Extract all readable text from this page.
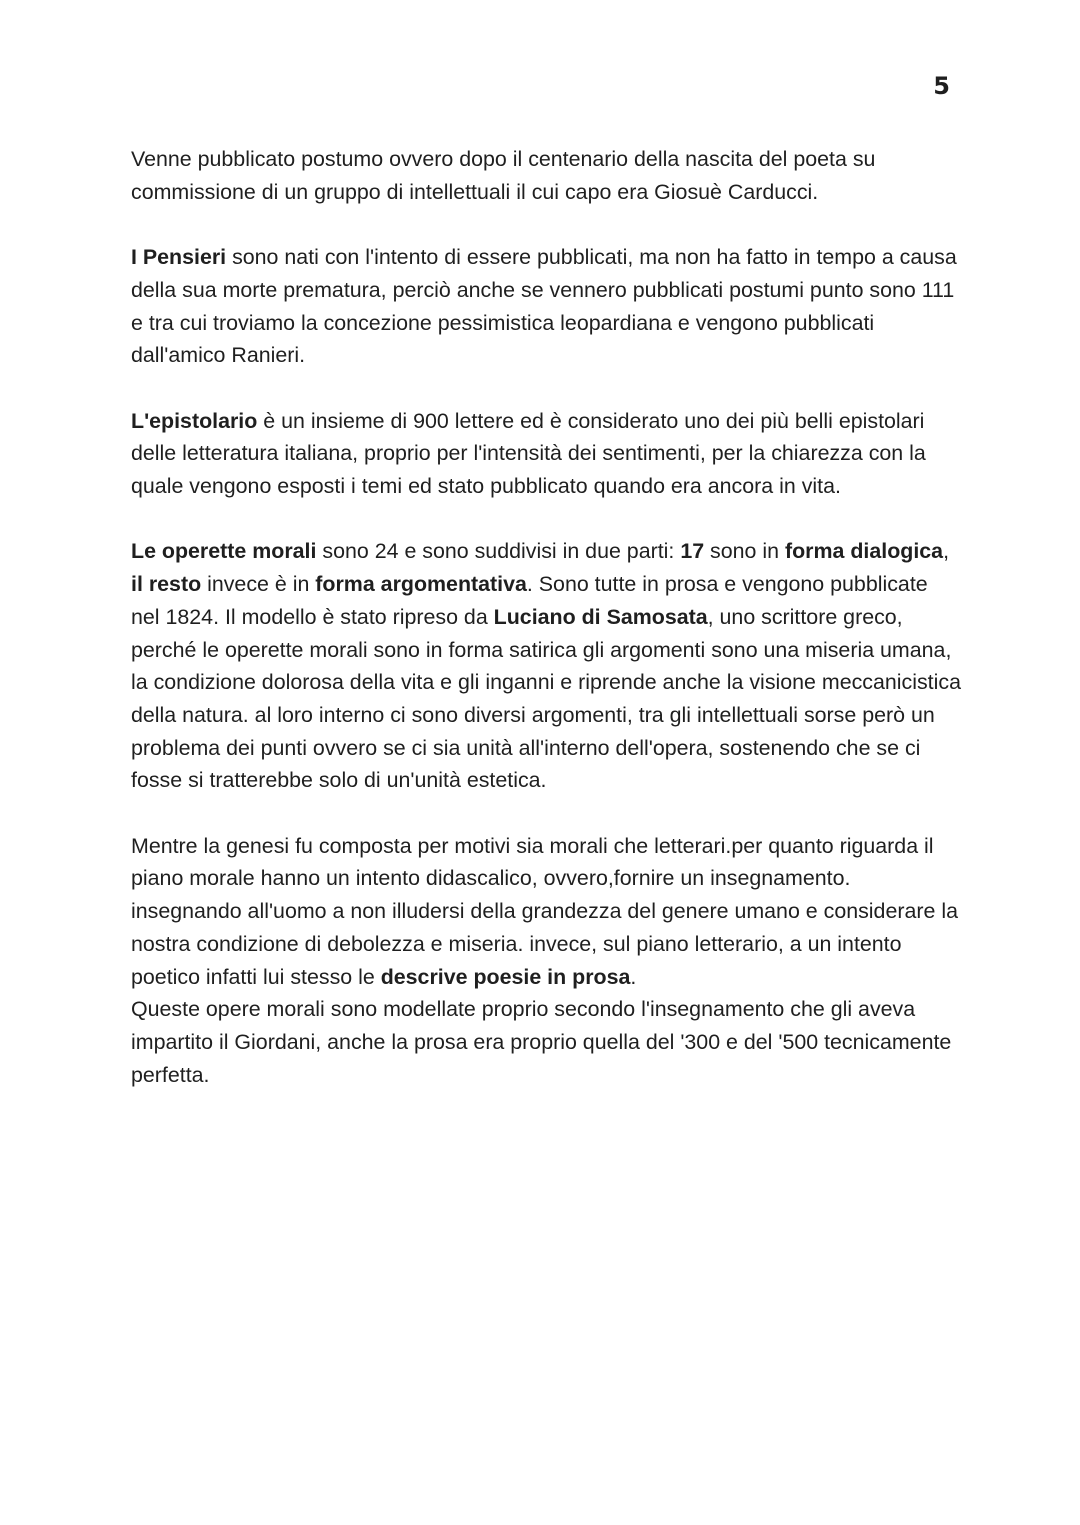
5

Venne pubblicato postumo ovvero dopo il centenario della nascita del poeta su commissione di un gruppo di intellettuali il cui capo era Giosuè Carducci.

I Pensieri sono nati con l'intento di essere pubblicati, ma non ha fatto in tempo a causa della sua morte prematura, perciò anche se vennero pubblicati postumi punto sono 111 e tra cui troviamo la concezione pessimistica leopardiana e vengono pubblicati dall'amico Ranieri.

L'epistolario è un insieme di 900 lettere ed è considerato uno dei più belli epistolari delle letteratura italiana, proprio per l'intensità dei sentimenti, per la chiarezza con la quale vengono esposti i temi ed stato pubblicato quando era ancora in vita.

Le operette morali sono 24 e sono suddivisi in due parti: 17 sono in forma dialogica, il resto invece è in forma argomentativa. Sono tutte in prosa e vengono pubblicate nel 1824. Il modello è stato ripreso da Luciano di Samosata, uno scrittore greco, perché le operette morali sono in forma satirica gli argomenti sono una miseria umana, la condizione dolorosa della vita e gli inganni e riprende anche la visione meccanicistica della natura. al loro interno ci sono diversi argomenti, tra gli intellettuali sorse però un problema dei punti ovvero se ci sia unità all'interno dell'opera, sostenendo che se ci fosse si tratterebbe solo di un'unità estetica.

Mentre la genesi fu composta per motivi sia morali che letterari.per quanto riguarda il piano morale hanno un intento didascalico, ovvero,fornire un insegnamento. insegnando all'uomo a non illudersi della grandezza del genere umano e considerare la nostra condizione di debolezza e miseria. invece, sul piano letterario, a un intento poetico infatti lui stesso le descrive poesie in prosa.

Queste opere morali sono modellate proprio secondo l'insegnamento che gli aveva impartito il Giordani, anche la prosa era proprio quella del '300 e del '500 tecnicamente perfetta.
